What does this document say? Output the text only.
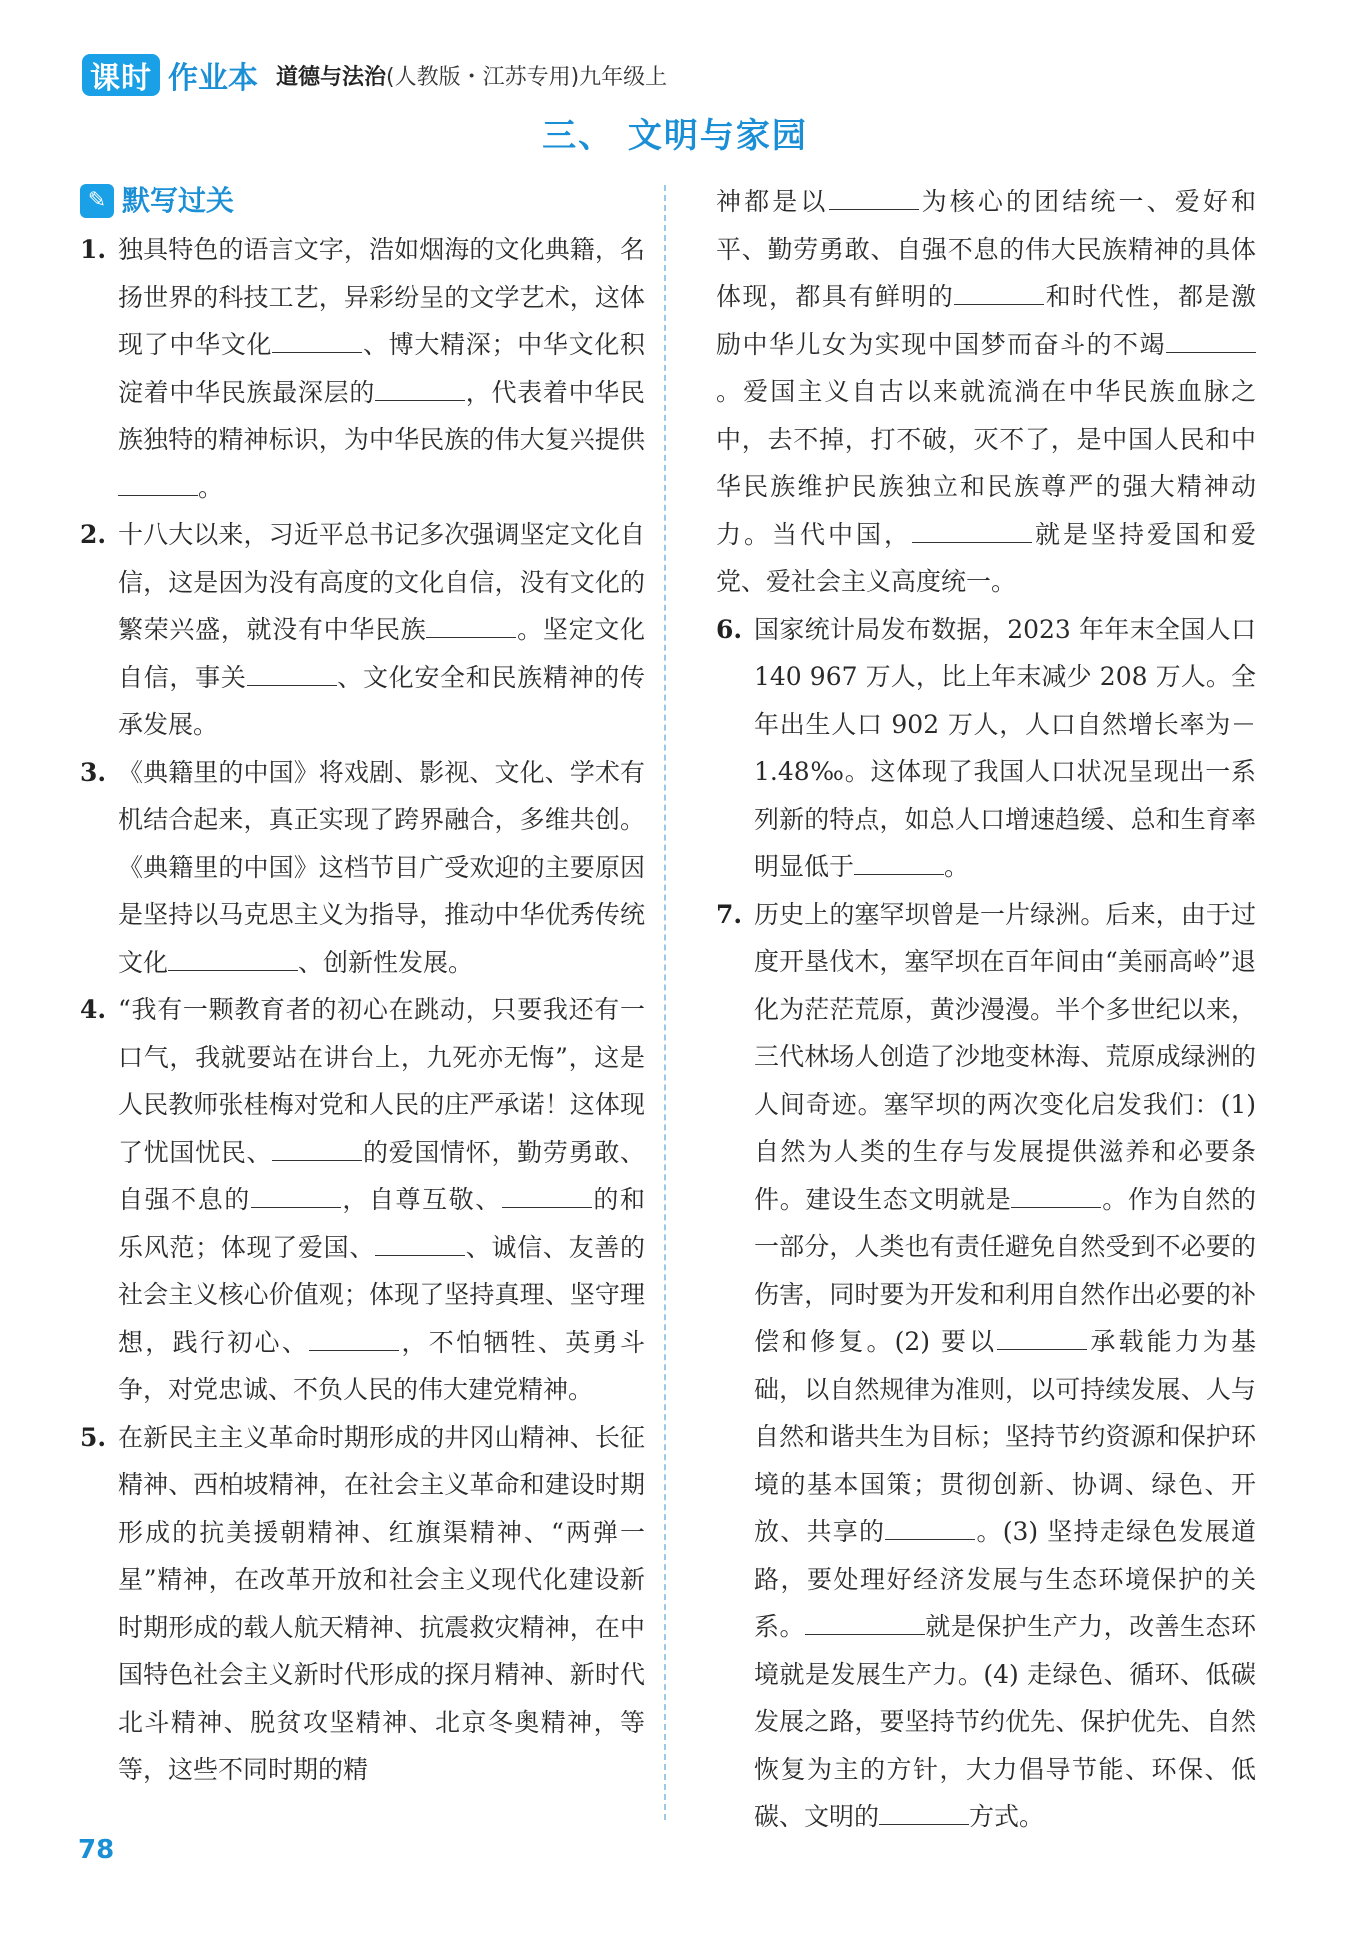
课时 作业本 道德与法治(人教版・江苏专用)九年级上
三、 文明与家园
✎ 默写过关
1. 独具特色的语言文字，浩如烟海的文化典籍，名扬世界的科技工艺，异彩纷呈的文学艺术，这体现了中华文化	、博大精深；中华文化积淀着中华民族最深层的	，代表着中华民族独特的精神标识，为中华民族的伟大复兴提供。
2. 十八大以来，习近平总书记多次强调坚定文化自信，这是因为没有高度的文化自信，没有文化的繁荣兴盛，就没有中华民族	。坚定文化自信，事关	、文化安全和民族精神的传承发展。
3. 《典籍里的中国》将戏剧、影视、文化、学术有机结合起来，真正实现了跨界融合，多维共创。《典籍里的中国》这档节目广受欢迎的主要原因是坚持以马克思主义为指导，推动中华优秀传统文化	、创新性发展。
4. “我有一颗教育者的初心在跳动，只要我还有一口气，我就要站在讲台上，九死亦无悔”，这是人民教师张桂梅对党和人民的庄严承诺！这体现了忧国忧民、	的爱国情怀，勤劳勇敢、自强不息的	，自尊互敬、	的和乐风范；体现了爱国、	、诚信、友善的社会主义核心价值观；体现了坚持真理、坚守理想，践行初心、	，不怕牺牲、英勇斗争，对党忠诚、不负人民的伟大建党精神。
5. 在新民主主义革命时期形成的井冈山精神、长征精神、西柏坡精神，在社会主义革命和建设时期形成的抗美援朝精神、红旗渠精神、“两弹一星”精神，在改革开放和社会主义现代化建设新时期形成的载人航天精神、抗震救灾精神，在中国特色社会主义新时代形成的探月精神、新时代北斗精神、脱贫攻坚精神、北京冬奥精神，等等，这些不同时期的精
神都是以	为核心的团结统一、爱好和平、勤劳勇敢、自强不息的伟大民族精神的具体体现，都具有鲜明的	和时代性，都是激励中华儿女为实现中国梦而奋斗的不竭。爱国主义自古以来就流淌在中华民族血脉之中，去不掉，打不破，灭不了，是中国人民和中华民族维护民族独立和民族尊严的强大精神动力。当代中国，	就是坚持爱国和爱党、爱社会主义高度统一。
6. 国家统计局发布数据，2023 年年末全国人口 140 967 万人，比上年末减少 208 万人。全年出生人口 902 万人，人口自然增长率为－1.48‰。这体现了我国人口状况呈现出一系列新的特点，如总人口增速趋缓、总和生育率明显低于	。
7. 历史上的塞罕坝曾是一片绿洲。后来，由于过度开垦伐木，塞罕坝在百年间由“美丽高岭”退化为茫茫荒原，黄沙漫漫。半个多世纪以来，三代林场人创造了沙地变林海、荒原成绿洲的人间奇迹。塞罕坝的两次变化启发我们：(1) 自然为人类的生存与发展提供滋养和必要条件。建设生态文明就是	。作为自然的一部分，人类也有责任避免自然受到不必要的伤害，同时要为开发和利用自然作出必要的补偿和修复。(2) 要以	承载能力为基础，以自然规律为准则，以可持续发展、人与自然和谐共生为目标；坚持节约资源和保护环境的基本国策；贯彻创新、协调、绿色、开放、共享的	。(3) 坚持走绿色发展道路，要处理好经济发展与生态环境保护的关系。	就是保护生产力，改善生态环境就是发展生产力。(4) 走绿色、循环、低碳发展之路，要坚持节约优先、保护优先、自然恢复为主的方针，大力倡导节能、环保、低碳、文明的	方式。
78
